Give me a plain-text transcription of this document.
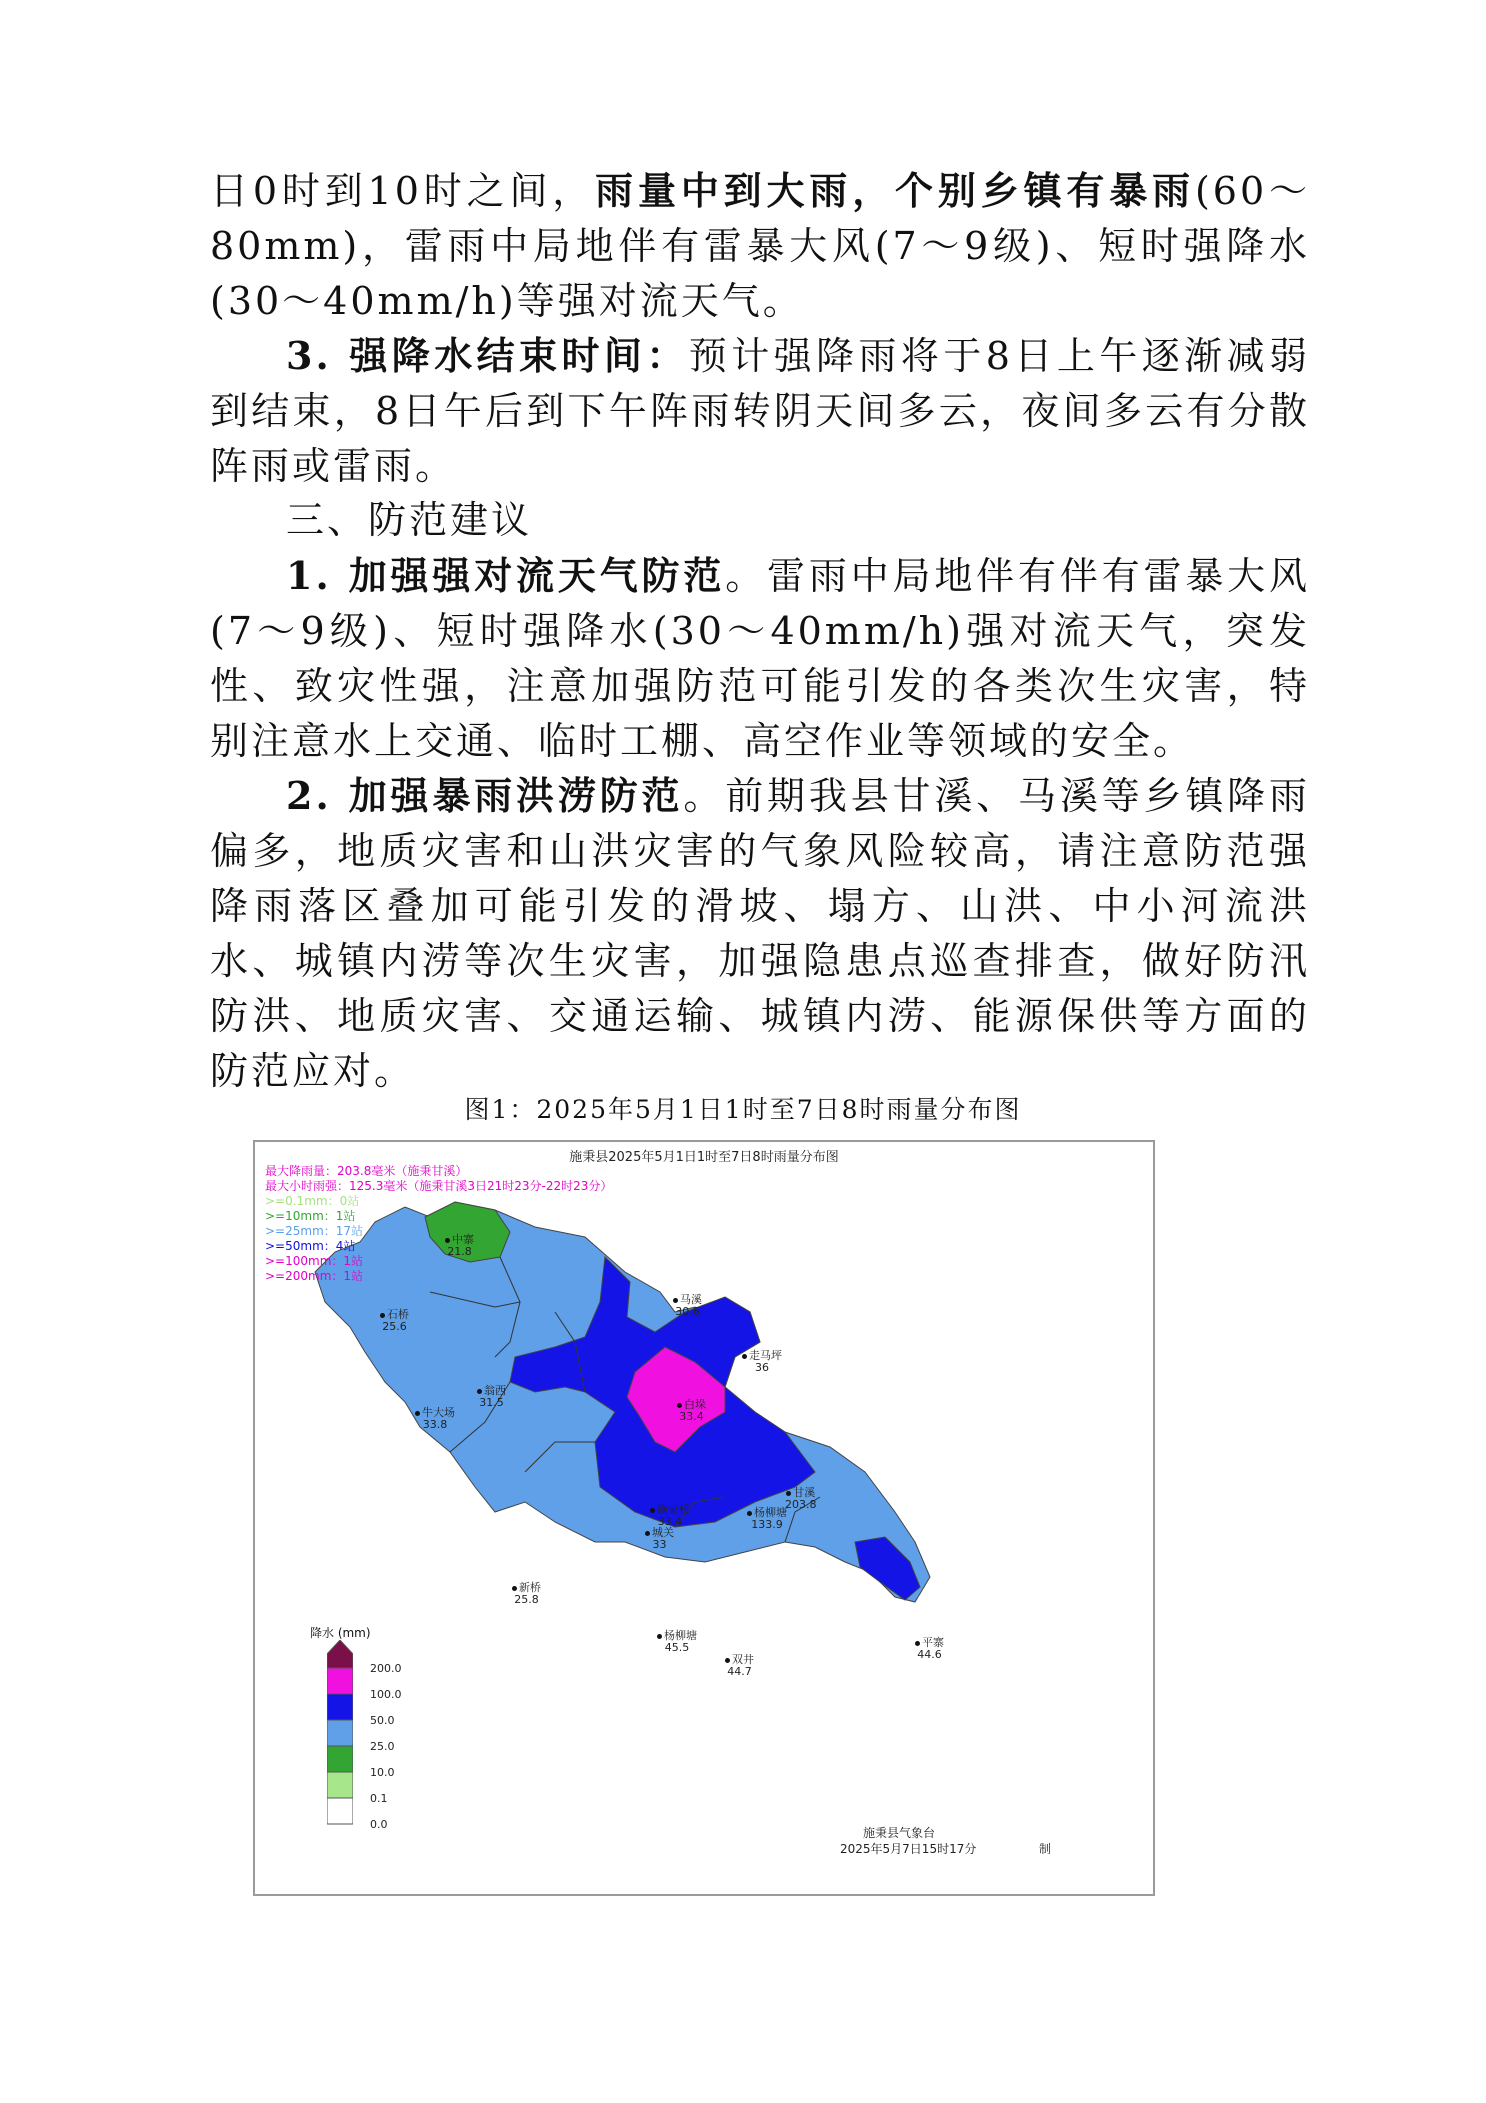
日0时到10时之间，雨量中到大雨，个别乡镇有暴雨(60～80mm)，雷雨中局地伴有雷暴大风(7～9级)、短时强降水(30～40mm/h)等强对流天气。
3. 强降水结束时间：预计强降雨将于8日上午逐渐减弱到结束，8日午后到下午阵雨转阴天间多云，夜间多云有分散阵雨或雷雨。
三、防范建议
1. 加强强对流天气防范。雷雨中局地伴有伴有雷暴大风(7～9级)、短时强降水(30～40mm/h)强对流天气，突发性、致灾性强，注意加强防范可能引发的各类次生灾害，特别注意水上交通、临时工棚、高空作业等领域的安全。
2. 加强暴雨洪涝防范。前期我县甘溪、马溪等乡镇降雨偏多，地质灾害和山洪灾害的气象风险较高，请注意防范强降雨落区叠加可能引发的滑坡、塌方、山洪、中小河流洪水、城镇内涝等次生灾害，加强隐患点巡查排查，做好防汛防洪、地质灾害、交通运输、城镇内涝、能源保供等方面的防范应对。
图1：2025年5月1日1时至7日8时雨量分布图
施秉县2025年5月1日1时至7日8时雨量分布图
最大降雨量：203.8毫米（施秉甘溪）
最大小时雨强：125.3毫米（施秉甘溪3日21时23分-22时23分）
>=0.1mm：0站
>=10mm：1站
>=25mm：17站
>=50mm：4站
>=100mm：1站
>=200mm：1站
中寨
21.8
石桥
25.6
马溪
30.6
走马坪
36
翁西
31.5
牛大场
33.8
白垛
33.4
甘溪
203.8
杨柳塘
133.9
施家桥
33.4
城关
33
新桥
25.8
杨柳塘
45.5
双井
44.7
平寨
44.6
降水 (mm)
200.0
100.0
50.0
25.0
10.0
0.1
0.0
施秉县气象台
2025年5月7日15时17分	制
